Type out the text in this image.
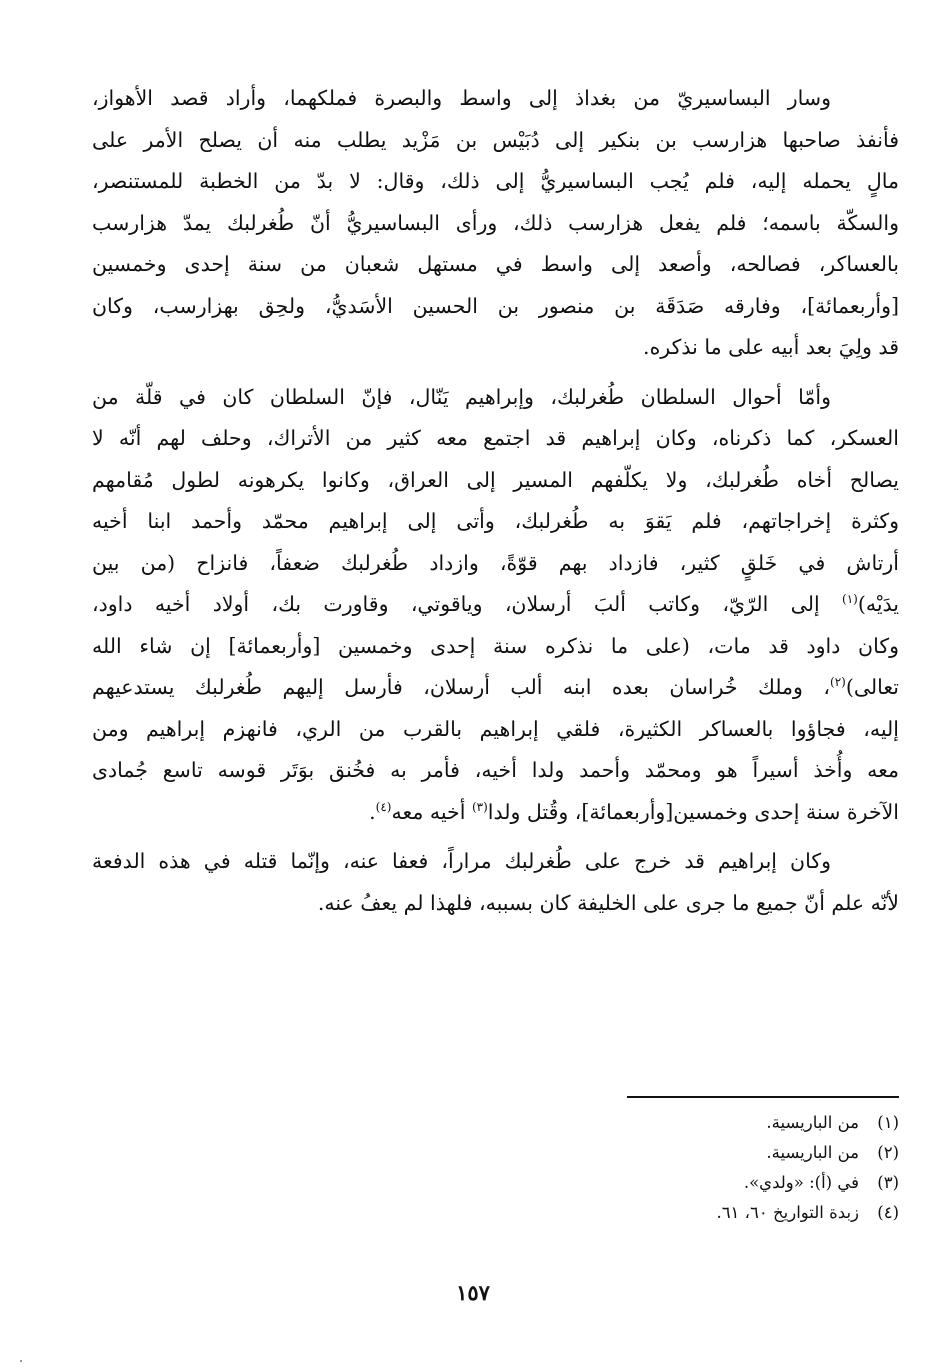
وسار البساسيريّ من بغداذ إلى واسط والبصرة فملكهما، وأراد قصد الأهواز،
فأنفذ صاحبها هزارسب بن بنكير إلى دُبَيْس بن مَزْيد يطلب منه أن يصلح الأمر على
مالٍ يحمله إليه، فلم يُجب البساسيريُّ إلى ذلك، وقال: لا بدّ من الخطبة للمستنصر،
والسكّة باسمه؛ فلم يفعل هزارسب ذلك، ورأى البساسيريُّ أنّ طُغرلبك يمدّ هزارسب
بالعساكر، فصالحه، وأصعد إلى واسط في مستهل شعبان من سنة إحدى وخمسين
[وأربعمائة]، وفارقه صَدَقَة بن منصور بن الحسين الأسَديُّ، ولحِق بهزارسب، وكان
قد ولِيَ بعد أبيه على ما نذكره.

وأمّا أحوال السلطان طُغرلبك، وإبراهيم يَنّال، فإنّ السلطان كان في قلّة من
العسكر، كما ذكرناه، وكان إبراهيم قد اجتمع معه كثير من الأتراك، وحلف لهم أنّه لا
يصالح أخاه طُغرلبك، ولا يكلّفهم المسير إلى العراق، وكانوا يكرهونه لطول مُقامهم
وكثرة إخراجاتهم، فلم يَقوَ به طُغرلبك، وأتى إلى إبراهيم محمّد وأحمد ابنا أخيه
أرتاش في خَلقٍ كثير، فازداد بهم قوّةً، وازداد طُغرلبك ضعفاً، فانزاح (من بين
يدَيْه)$^{(١)}$ إلى الرّيّ، وكاتب ألبَ أرسلان، وياقوتي، وقاورت بك، أولاد أخيه داود،
وكان داود قد مات، (على ما نذكره سنة إحدى وخمسين [وأربعمائة] إن شاء الله
تعالى)$^{(٢)}$، وملك خُراسان بعده ابنه ألب أرسلان، فأرسل إليهم طُغرلبك يستدعيهم
إليه، فجاؤوا بالعساكر الكثيرة، فلقي إبراهيم بالقرب من الري، فانهزم إبراهيم ومن
معه وأُخذ أسيراً هو ومحمّد وأحمد ولدا أخيه، فأمر به فخُنق بوَتَر قوسه تاسع جُمادى
الآخرة سنة إحدى وخمسين[وأربعمائة]، وقُتل ولدا$^{(٣)}$ أخيه معه$^{(٤)}$.

وكان إبراهيم قد خرج على طُغرلبك مراراً، فعفا عنه، وإنّما قتله في هذه الدفعة
لأنّه علم أنّ جميع ما جرى على الخليفة كان بسببه، فلهذا لم يعفُ عنه.

(١)من الباريسية.
(٢)من الباريسية.
(٣)في (أ): «ولدي».
(٤)زبدة التواريخ ٦٠، ٦١.
١٥٧
